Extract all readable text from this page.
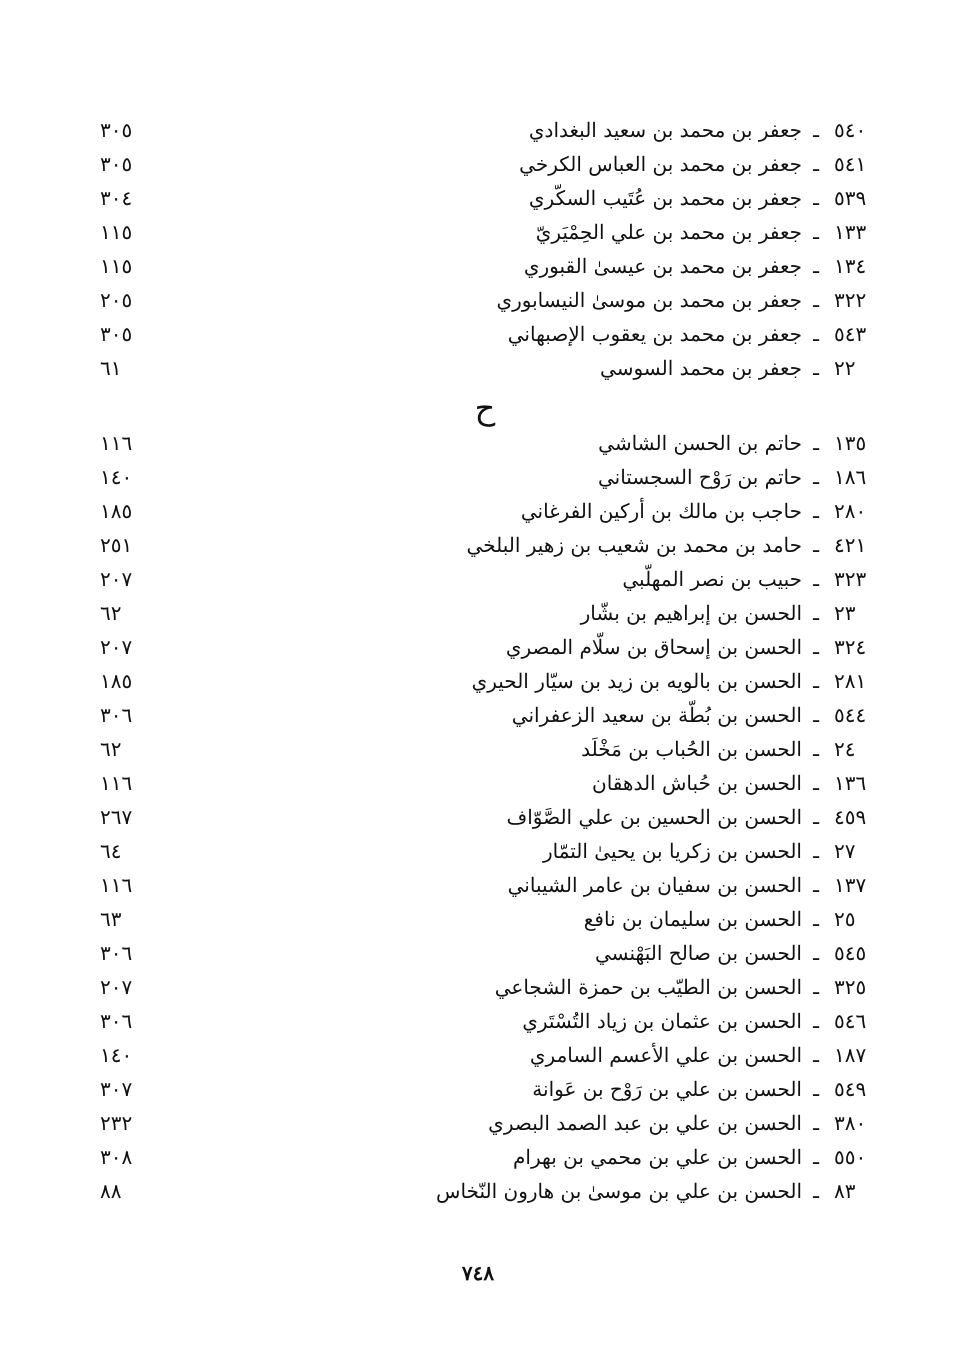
٥٤٠ـجعفر بن محمد بن سعيد البغدادي
٣٠٥
٥٤١ـجعفر بن محمد بن العباس الكرخي
٣٠٥
٥٣٩ـجعفر بن محمد بن عُتَيب السكّري
٣٠٤
١٣٣ـجعفر بن محمد بن علي الحِمْيَريّ
١١٥
١٣٤ـجعفر بن محمد بن عيسىٰ القبوري
١١٥
٣٢٢ـجعفر بن محمد بن موسىٰ النيسابوري
٢٠٥
٥٤٣ـجعفر بن محمد بن يعقوب الإصبهاني
٣٠٥
٢٢ـجعفر بن محمد السوسي
٦١
ح
١٣٥ـحاتم بن الحسن الشاشي
١١٦
١٨٦ـحاتم بن رَوْح السجستاني
١٤٠
٢٨٠ـحاجب بن مالك بن أركين الفرغاني
١٨٥
٤٢١ـحامد بن محمد بن شعيب بن زهير البلخي
٢٥١
٣٢٣ـحبيب بن نصر المهلّبي
٢٠٧
٢٣ـالحسن بن إبراهيم بن بشّار
٦٢
٣٢٤ـالحسن بن إسحاق بن سلّام المصري
٢٠٧
٢٨١ـالحسن بن بالويه بن زيد بن سيّار الحيري
١٨٥
٥٤٤ـالحسن بن بُطّة بن سعيد الزعفراني
٣٠٦
٢٤ـالحسن بن الحُباب بن مَخْلَد
٦٢
١٣٦ـالحسن بن حُباش الدهقان
١١٦
٤٥٩ـالحسن بن الحسين بن علي الصَّوّاف
٢٦٧
٢٧ـالحسن بن زكريا بن يحيىٰ التمّار
٦٤
١٣٧ـالحسن بن سفيان بن عامر الشيباني
١١٦
٢٥ـالحسن بن سليمان بن نافع
٦٣
٥٤٥ـالحسن بن صالح البَهْنسي
٣٠٦
٣٢٥ـالحسن بن الطيّب بن حمزة الشجاعي
٢٠٧
٥٤٦ـالحسن بن عثمان بن زياد التُسْتَري
٣٠٦
١٨٧ـالحسن بن علي الأعسم السامري
١٤٠
٥٤٩ـالحسن بن علي بن رَوْح بن عَوانة
٣٠٧
٣٨٠ـالحسن بن علي بن عبد الصمد البصري
٢٣٢
٥٥٠ـالحسن بن علي بن محمي بن بهرام
٣٠٨
٨٣ـالحسن بن علي بن موسىٰ بن هارون النّخاس
٨٨
٧٤٨
